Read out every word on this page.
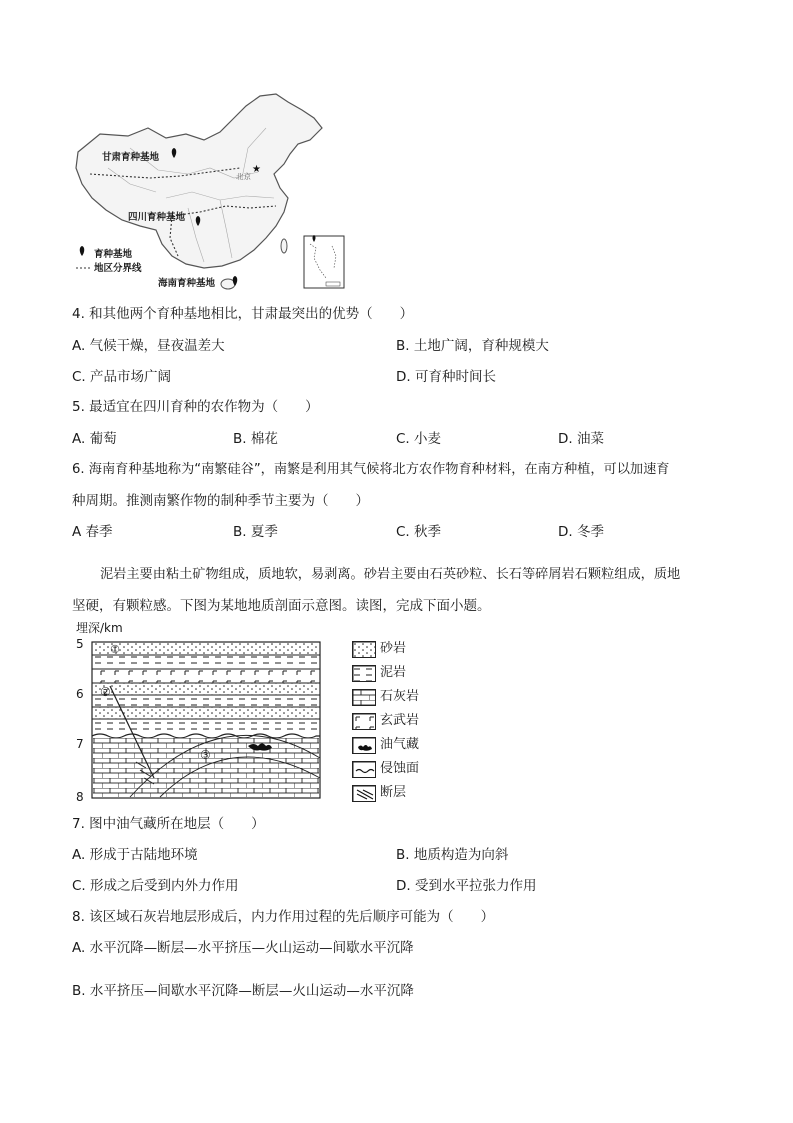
★
甘肃育种基地
北京
四川育种基地
海南育种基地
育种基地
地区分界线
4. 和其他两个育种基地相比，甘肃最突出的优势（　　）
A. 气候干燥，昼夜温差大	B. 土地广阔，育种规模大
C. 产品市场广阔	D. 可育种时间长
5. 最适宜在四川育种的农作物为（　　）
A. 葡萄	B. 棉花	C. 小麦	D. 油菜
6. 海南育种基地称为“南繁硅谷”，南繁是利用其气候将北方农作物育种材料，在南方种植，可以加速育
种周期。推测南繁作物的制种季节主要为（　　）
A 春季	B. 夏季	C. 秋季	D. 冬季
泥岩主要由粘土矿物组成，质地软，易剥离。砂岩主要由石英砂粒、长石等碎屑岩石颗粒组成，质地
坚硬，有颗粒感。下图为某地地质剖面示意图。读图，完成下面小题。
埋深/km
5
6
7
8
①
②
③
砂岩
泥岩
石灰岩
玄武岩
油气藏
侵蚀面
断层
7. 图中油气藏所在地层（　　）
A. 形成于古陆地环境	B. 地质构造为向斜
C. 形成之后受到内外力作用	D. 受到水平拉张力作用
8. 该区域石灰岩地层形成后，内力作用过程的先后顺序可能为（　　）
A. 水平沉降—断层—水平挤压—火山运动—间歇水平沉降
B. 水平挤压—间歇水平沉降—断层—火山运动—水平沉降
